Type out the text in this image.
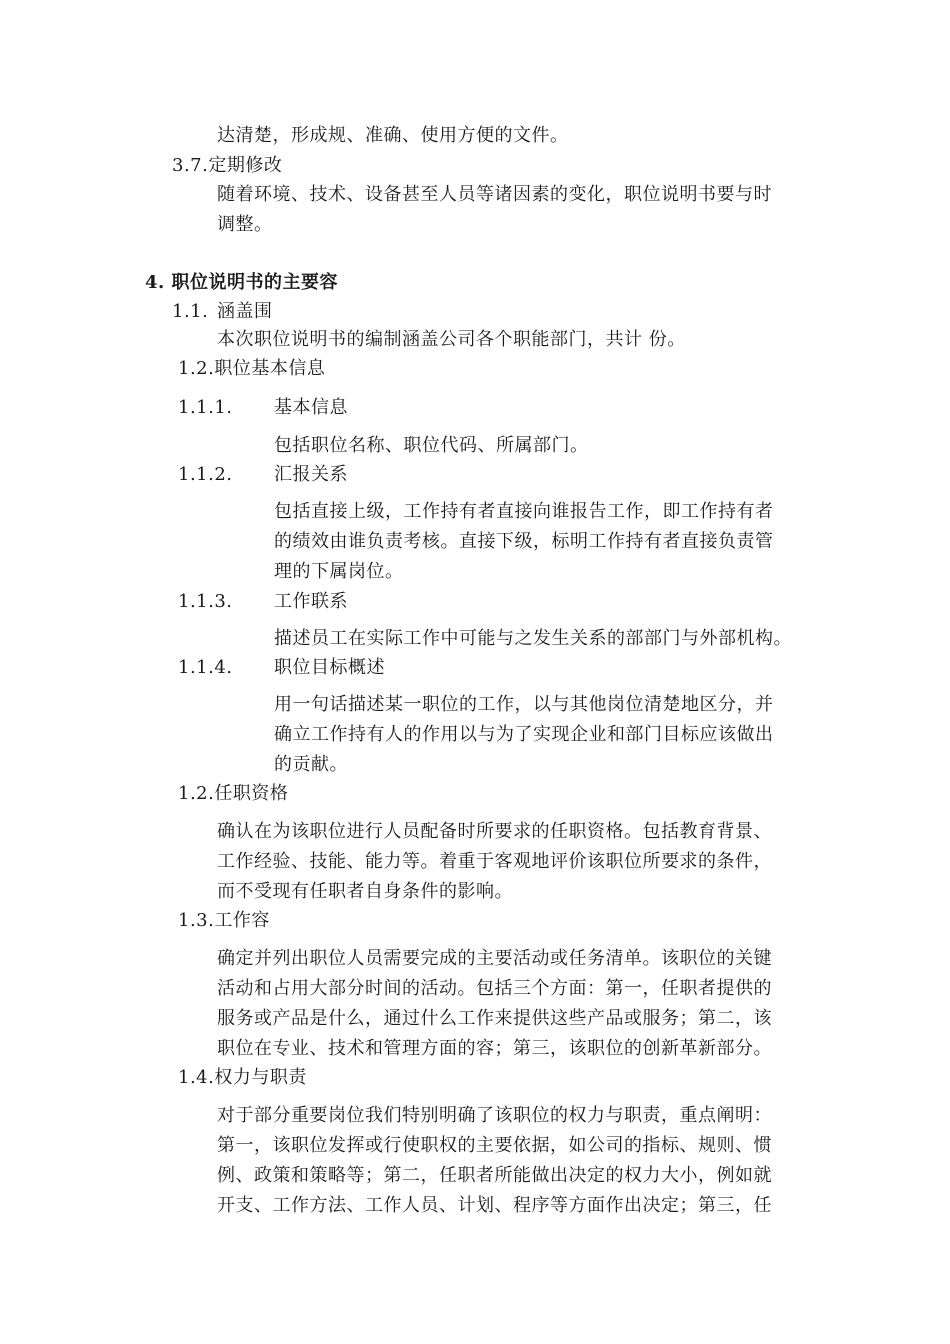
达清楚，形成规、准确、使用方便的文件。
3.7.定期修改
随着环境、技术、设备甚至人员等诸因素的变化，职位说明书要与时
调整。
4. 职位说明书的主要容
1.1. 涵盖围
本次职位说明书的编制涵盖公司各个职能部门，共计 份。
1.2.职位基本信息
1.1.1. 基本信息
包括职位名称、职位代码、所属部门。
1.1.2. 汇报关系
包括直接上级，工作持有者直接向谁报告工作，即工作持有者
的绩效由谁负责考核。直接下级，标明工作持有者直接负责管
理的下属岗位。
1.1.3. 工作联系
描述员工在实际工作中可能与之发生关系的部部门与外部机构。
1.1.4. 职位目标概述
用一句话描述某一职位的工作，以与其他岗位清楚地区分，并
确立工作持有人的作用以与为了实现企业和部门目标应该做出
的贡献。
1.2.任职资格
确认在为该职位进行人员配备时所要求的任职资格。包括教育背景、
工作经验、技能、能力等。着重于客观地评价该职位所要求的条件，
而不受现有任职者自身条件的影响。
1.3.工作容
确定并列出职位人员需要完成的主要活动或任务清单。该职位的关键
活动和占用大部分时间的活动。包括三个方面：第一，任职者提供的
服务或产品是什么，通过什么工作来提供这些产品或服务；第二，该
职位在专业、技术和管理方面的容；第三，该职位的创新革新部分。
1.4.权力与职责
对于部分重要岗位我们特别明确了该职位的权力与职责，重点阐明：
第一，该职位发挥或行使职权的主要依据，如公司的指标、规则、惯
例、政策和策略等；第二，任职者所能做出决定的权力大小，例如就
开支、工作方法、工作人员、计划、程序等方面作出决定；第三，任
